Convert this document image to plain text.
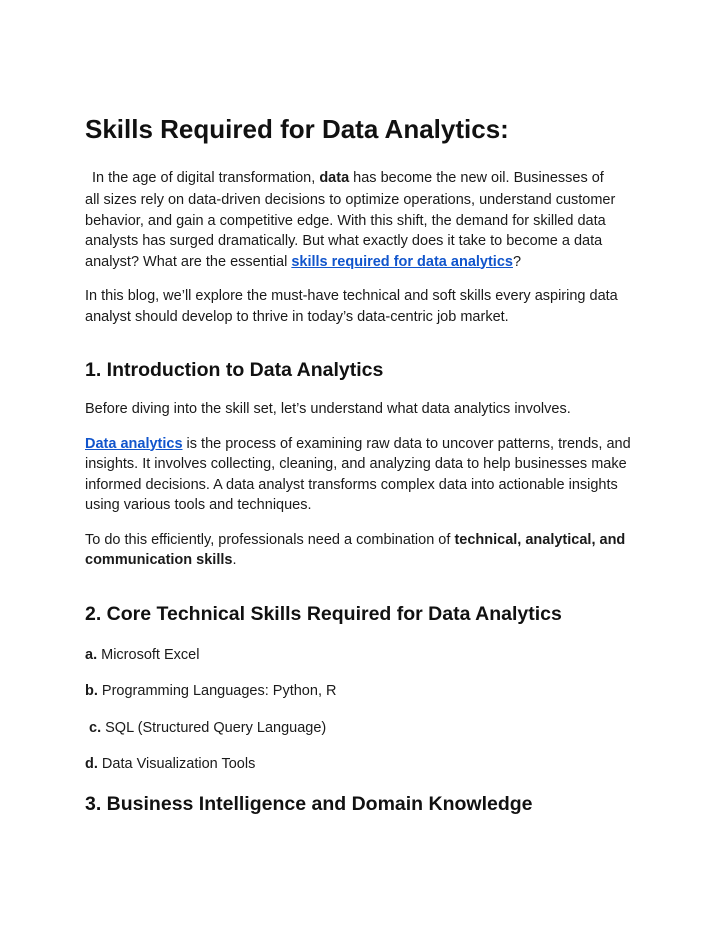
Skills Required for Data Analytics:

In the age of digital transformation, data has become the new oil. Businesses of
all sizes rely on data-driven decisions to optimize operations, understand customer behavior, and gain a competitive edge. With this shift, the demand for skilled data analysts has surged dramatically. But what exactly does it take to become a data analyst? What are the essential skills required for data analytics?

In this blog, we’ll explore the must-have technical and soft skills every aspiring data analyst should develop to thrive in today’s data-centric job market.

1. Introduction to Data Analytics

Before diving into the skill set, let’s understand what data analytics involves.

Data analytics is the process of examining raw data to uncover patterns, trends, and insights. It involves collecting, cleaning, and analyzing data to help businesses make informed decisions. A data analyst transforms complex data into actionable insights using various tools and techniques.

To do this efficiently, professionals need a combination of technical, analytical, and communication skills.

2. Core Technical Skills Required for Data Analytics

a. Microsoft Excel

b. Programming Languages: Python, R

c. SQL (Structured Query Language)

d. Data Visualization Tools

3. Business Intelligence and Domain Knowledge
